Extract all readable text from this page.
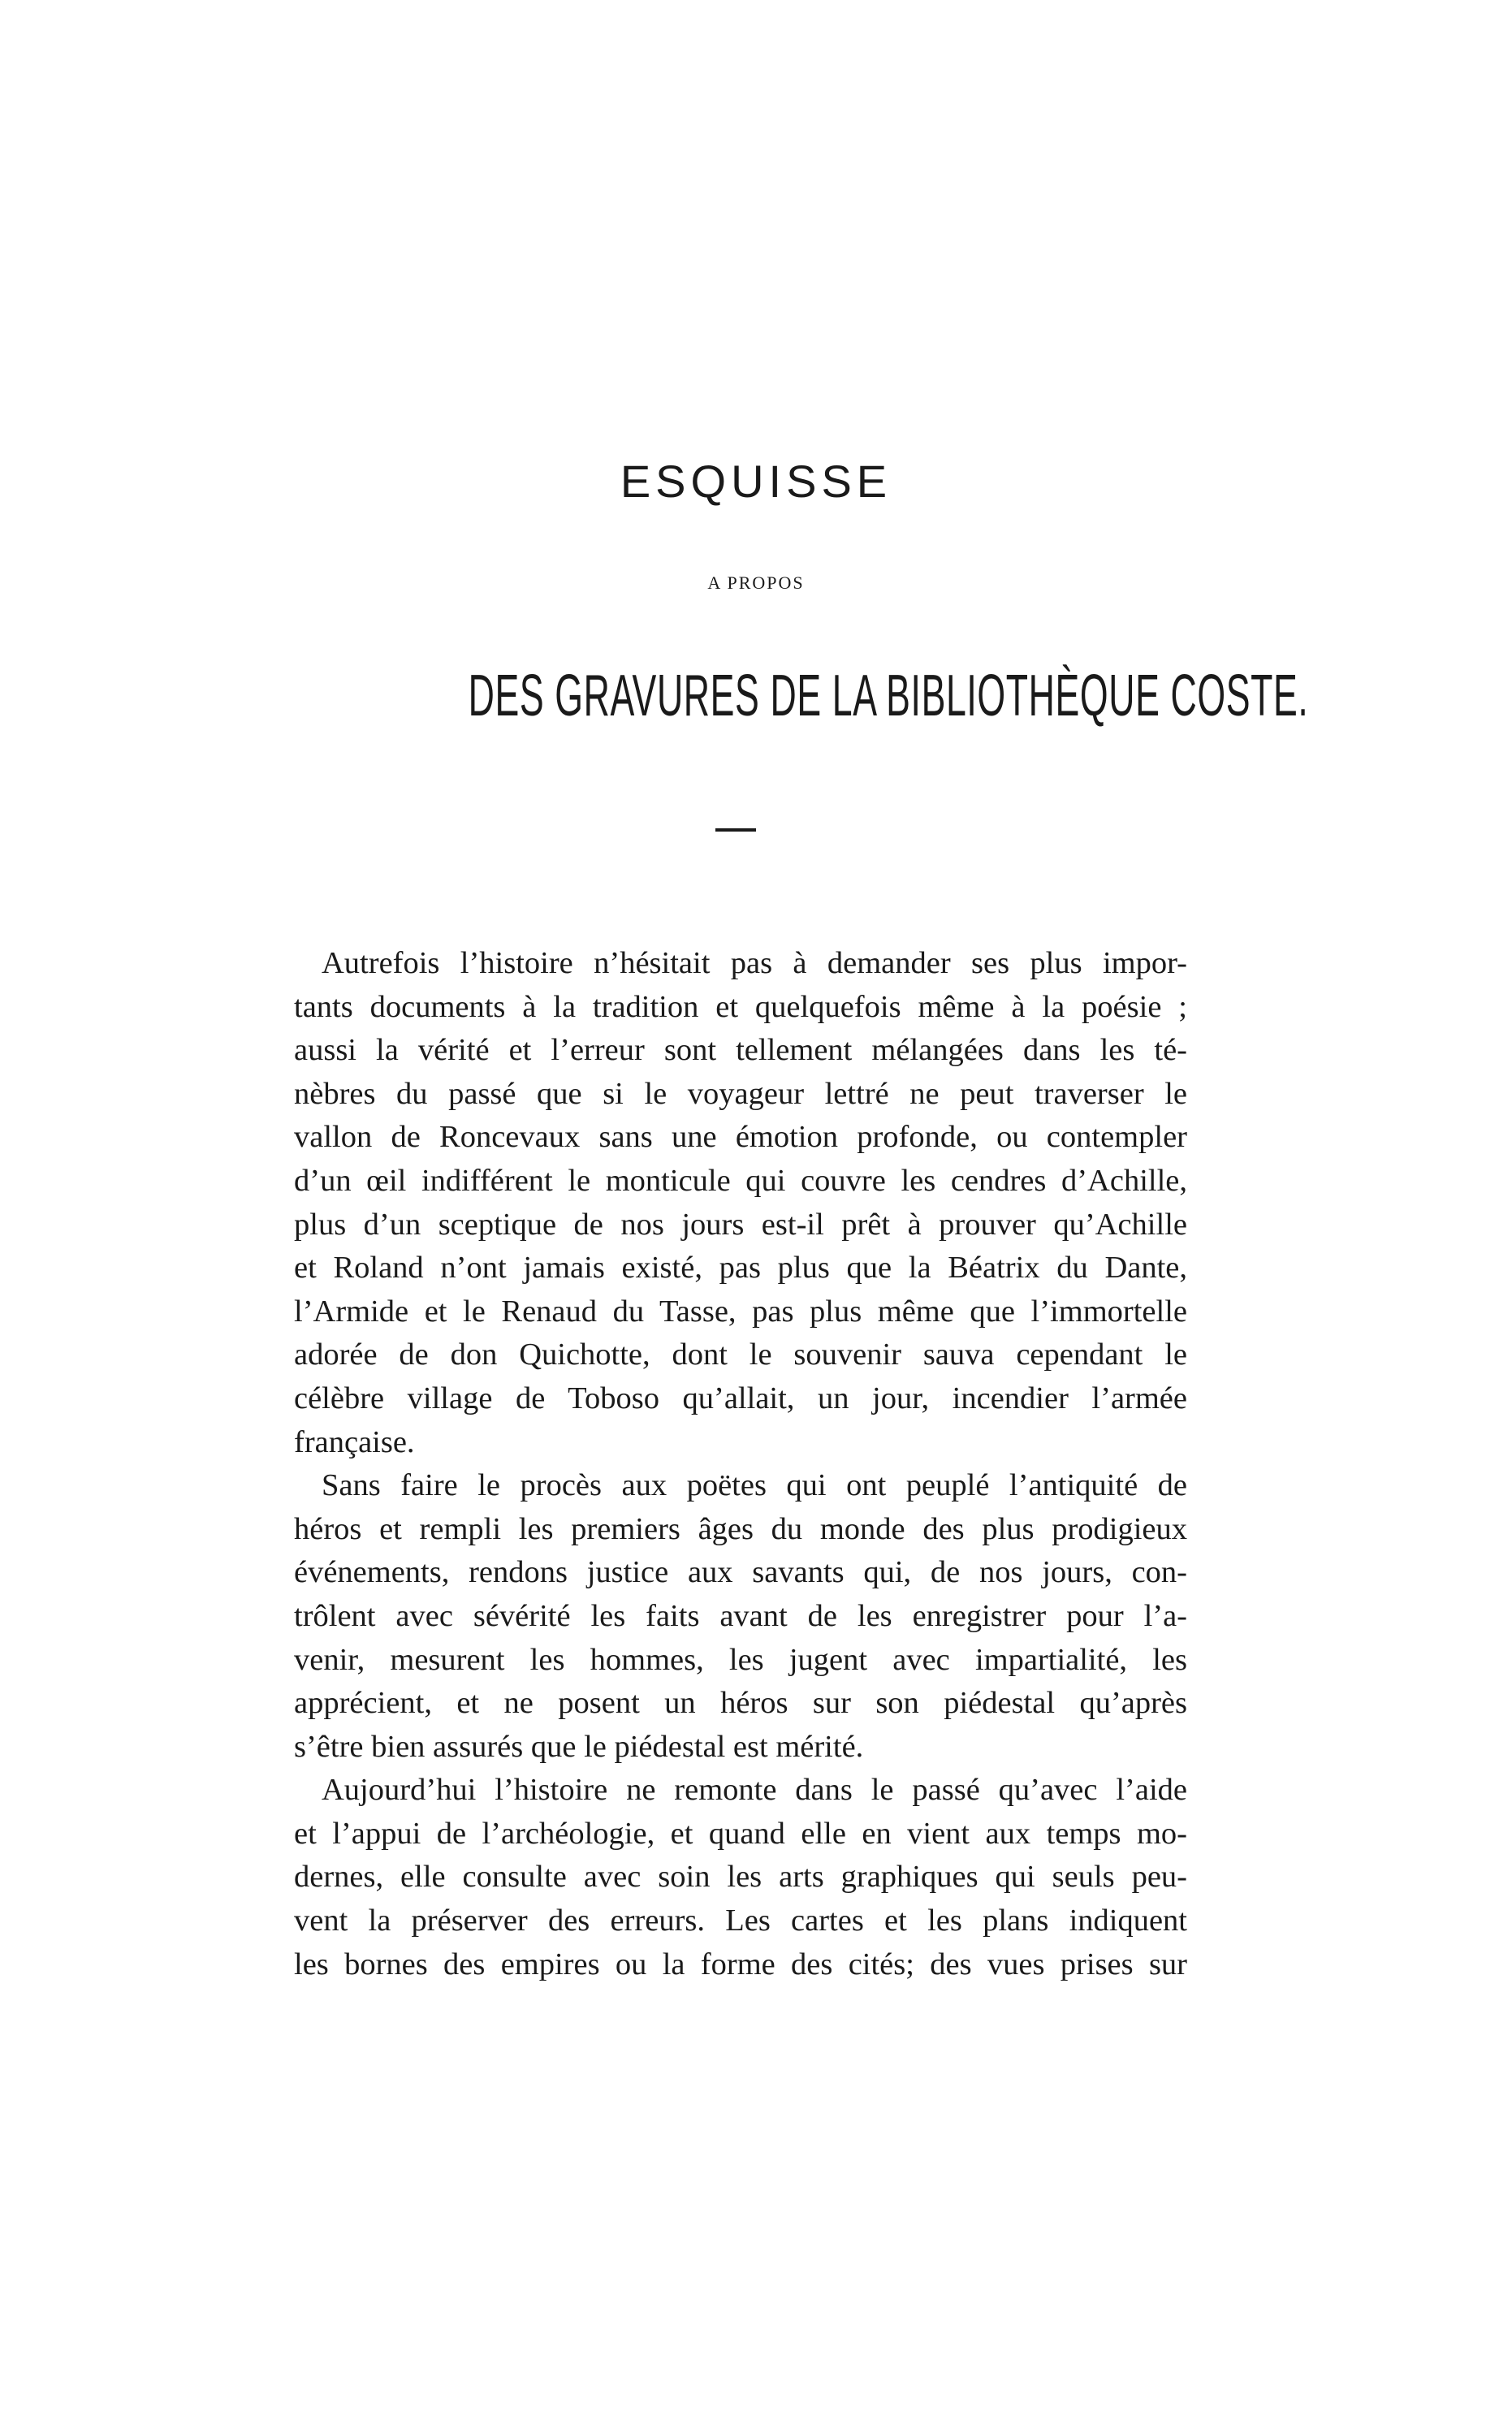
ESQUISSE
A PROPOS
DES GRAVURES DE LA BIBLIOTHÈQUE COSTE.
Autrefois l’histoire n’hésitait pas à demander ses plus impor-
tants documents à la tradition et quelquefois même à la poésie ;
aussi la vérité et l’erreur sont tellement mélangées dans les té-
nèbres du passé que si le voyageur lettré ne peut traverser le
vallon de Roncevaux sans une émotion profonde, ou contempler
d’un œil indifférent le monticule qui couvre les cendres d’Achille,
plus d’un sceptique de nos jours est-il prêt à prouver qu’Achille
et Roland n’ont jamais existé, pas plus que la Béatrix du Dante,
l’Armide et le Renaud du Tasse, pas plus même que l’immortelle
adorée de don Quichotte, dont le souvenir sauva cependant le
célèbre village de Toboso qu’allait, un jour, incendier l’armée
française.
Sans faire le procès aux poëtes qui ont peuplé l’antiquité de
héros et rempli les premiers âges du monde des plus prodigieux
événements, rendons justice aux savants qui, de nos jours, con-
trôlent avec sévérité les faits avant de les enregistrer pour l’a-
venir, mesurent les hommes, les jugent avec impartialité, les
apprécient, et ne posent un héros sur son piédestal qu’après
s’être bien assurés que le piédestal est mérité.
Aujourd’hui l’histoire ne remonte dans le passé qu’avec l’aide
et l’appui de l’archéologie, et quand elle en vient aux temps mo-
dernes, elle consulte avec soin les arts graphiques qui seuls peu-
vent la préserver des erreurs. Les cartes et les plans indiquent
les bornes des empires ou la forme des cités; des vues prises sur
